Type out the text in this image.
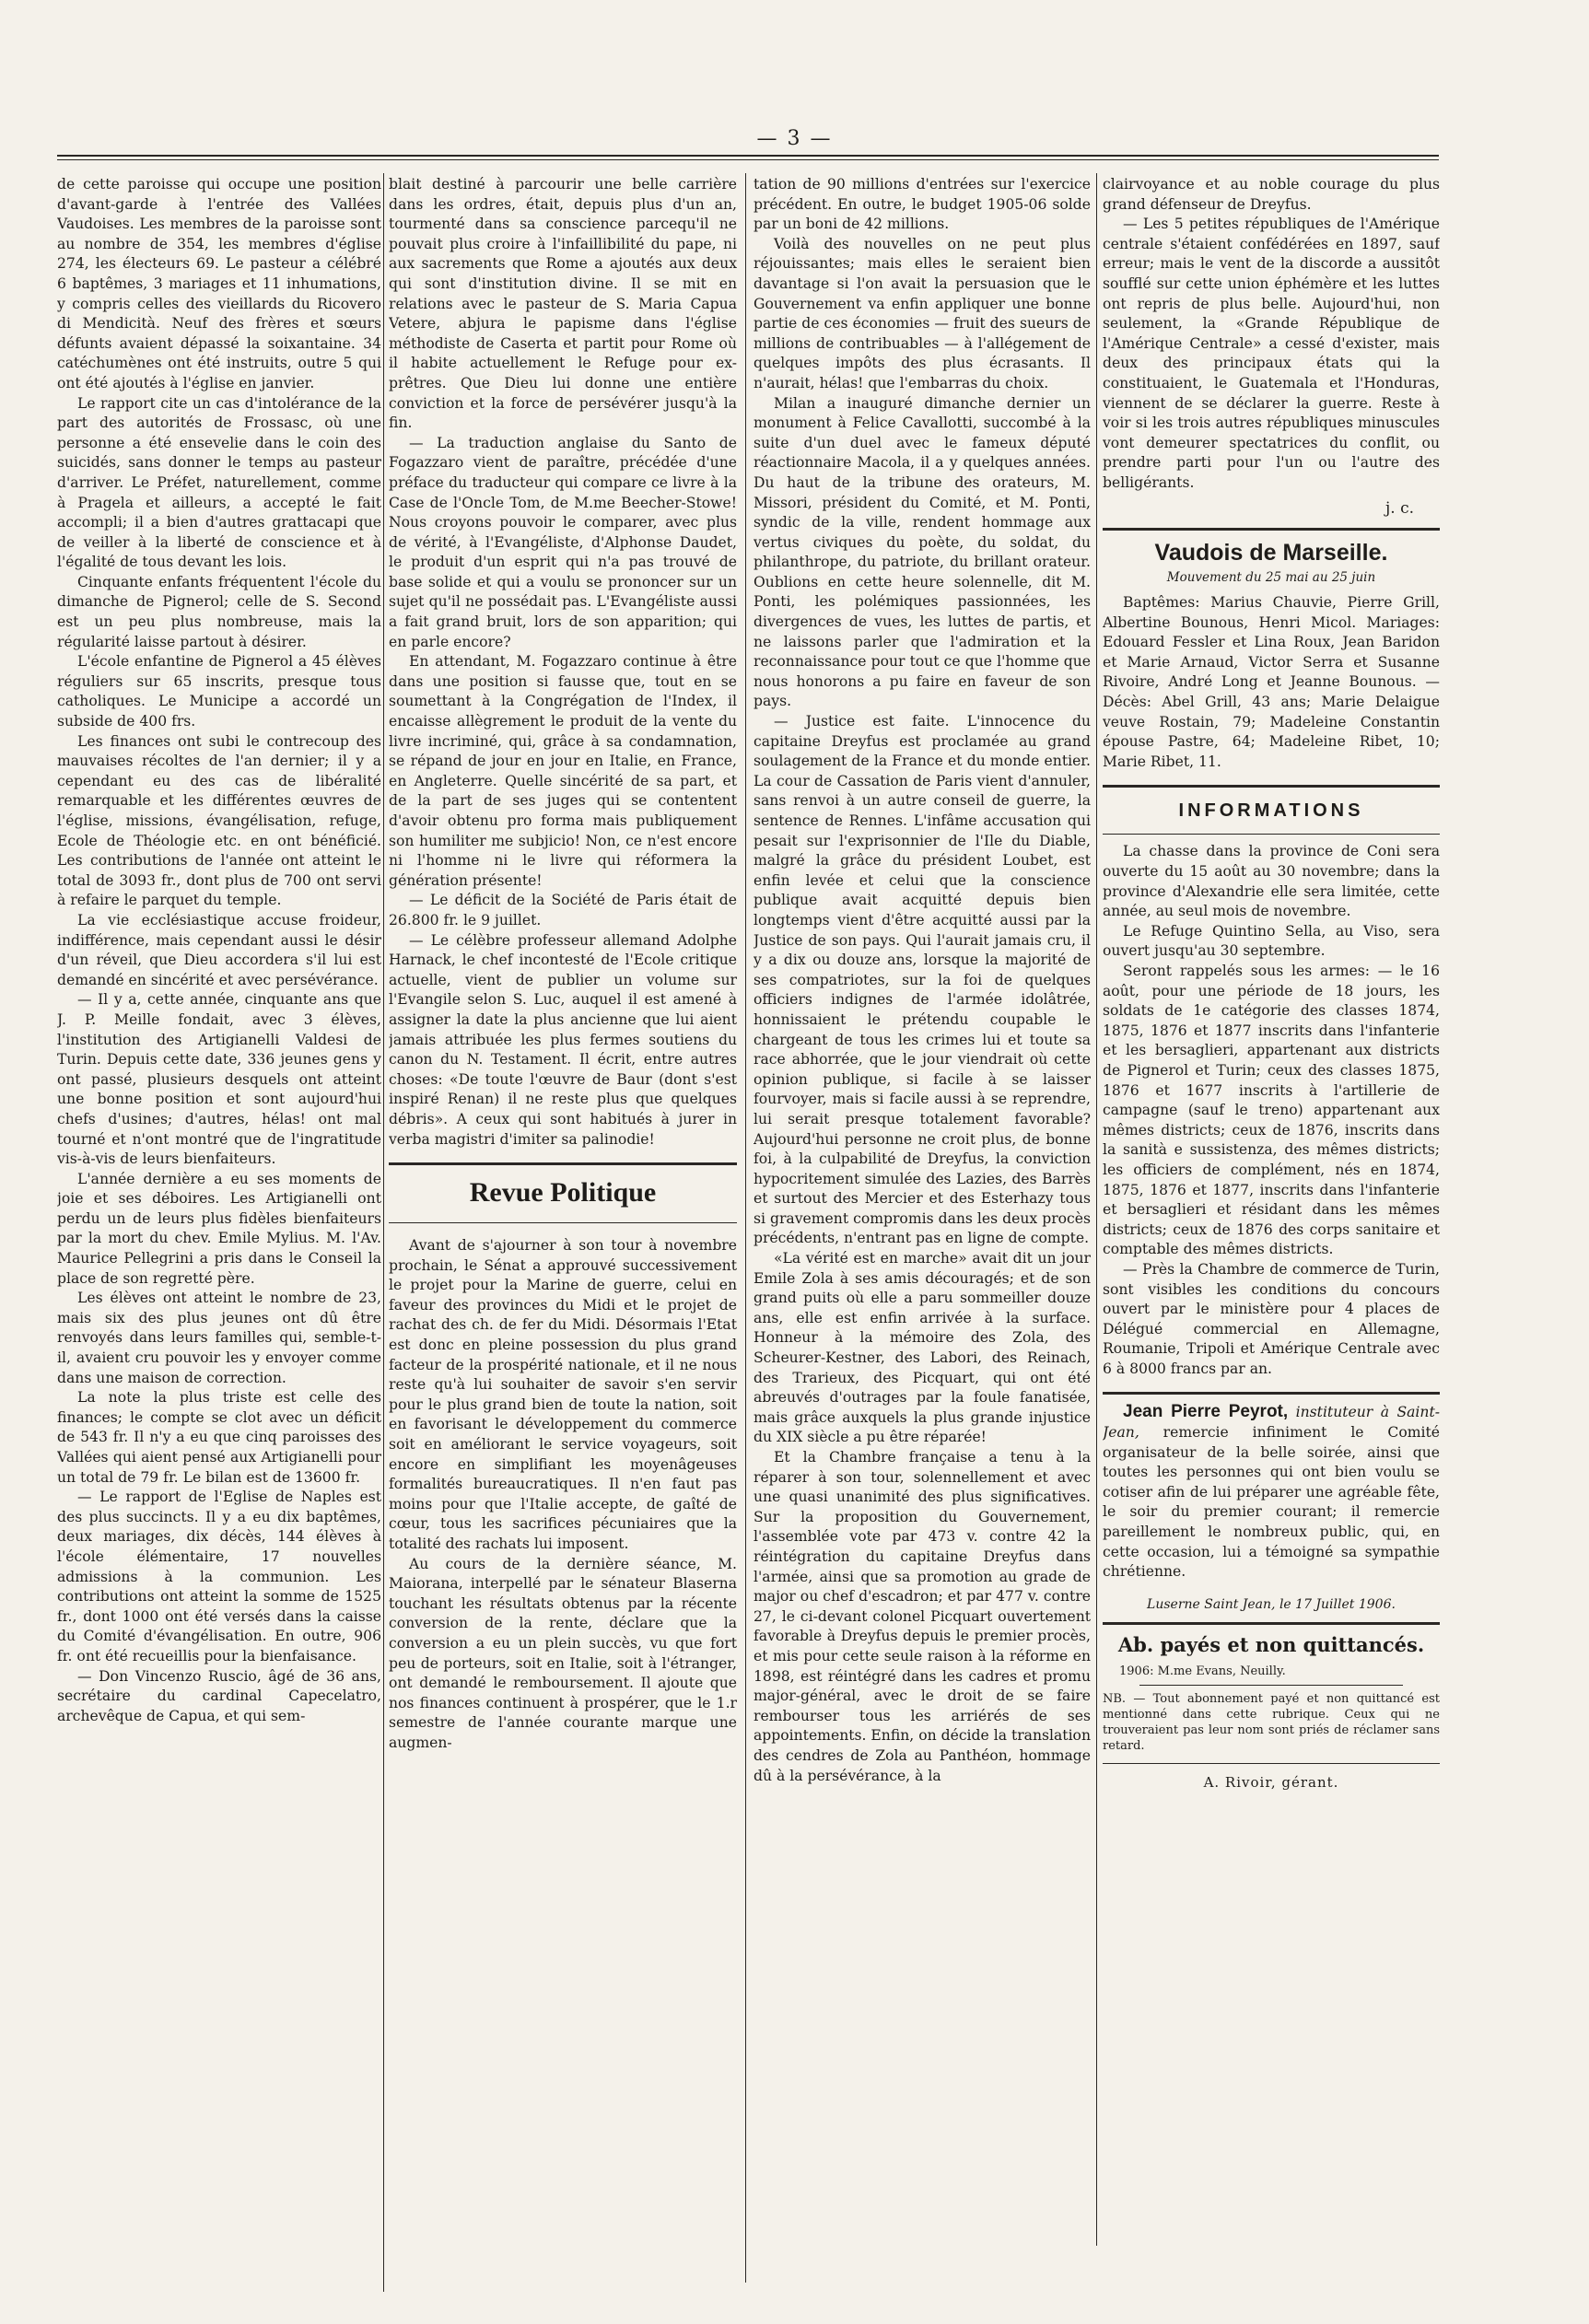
— 3 —

de cette paroisse qui occupe une position d'avant-garde à l'entrée des Vallées Vaudoises. Les membres de la paroisse sont au nombre de 354, les membres d'église 274, les électeurs 69. Le pasteur a célébré 6 baptêmes, 3 mariages et 11 inhumations, y compris celles des vieillards du Ricovero di Mendicità. Neuf des frères et sœurs défunts avaient dépassé la soixantaine. 34 catéchumènes ont été instruits, outre 5 qui ont été ajoutés à l'église en janvier.

Le rapport cite un cas d'intolérance de la part des autorités de Frossasc, où une personne a été ensevelie dans le coin des suicidés, sans donner le temps au pasteur d'arriver. Le Préfet, naturellement, comme à Pragela et ailleurs, a accepté le fait accompli; il a bien d'autres grattacapi que de veiller à la liberté de conscience et à l'égalité de tous devant les lois.

Cinquante enfants fréquentent l'école du dimanche de Pignerol; celle de S. Second est un peu plus nombreuse, mais la régularité laisse partout à désirer.

L'école enfantine de Pignerol a 45 élèves réguliers sur 65 inscrits, presque tous catholiques. Le Municipe a accordé un subside de 400 frs.

Les finances ont subi le contrecoup des mauvaises récoltes de l'an dernier; il y a cependant eu des cas de libéralité remarquable et les différentes œuvres de l'église, missions, évangélisation, refuge, Ecole de Théologie etc. en ont bénéficié. Les contributions de l'année ont atteint le total de 3093 fr., dont plus de 700 ont servi à refaire le parquet du temple.

La vie ecclésiastique accuse froideur, indifférence, mais cependant aussi le désir d'un réveil, que Dieu accordera s'il lui est demandé en sincérité et avec persévérance.

— Il y a, cette année, cinquante ans que J. P. Meille fondait, avec 3 élèves, l'institution des Artigianelli Valdesi de Turin. Depuis cette date, 336 jeunes gens y ont passé, plusieurs desquels ont atteint une bonne position et sont aujourd'hui chefs d'usines; d'autres, hélas! ont mal tourné et n'ont montré que de l'ingratitude vis-à-vis de leurs bienfaiteurs.

L'année dernière a eu ses moments de joie et ses déboires. Les Artigianelli ont perdu un de leurs plus fidèles bienfaiteurs par la mort du chev. Emile Mylius. M. l'Av. Maurice Pellegrini a pris dans le Conseil la place de son regretté père.

Les élèves ont atteint le nombre de 23, mais six des plus jeunes ont dû être renvoyés dans leurs familles qui, semble-t-il, avaient cru pouvoir les y envoyer comme dans une maison de correction.

La note la plus triste est celle des finances; le compte se clot avec un déficit de 543 fr. Il n'y a eu que cinq paroisses des Vallées qui aient pensé aux Artigianelli pour un total de 79 fr. Le bilan est de 13600 fr.

— Le rapport de l'Eglise de Naples est des plus succincts. Il y a eu dix baptêmes, deux mariages, dix décès, 144 élèves à l'école élémentaire, 17 nouvelles admissions à la communion. Les contributions ont atteint la somme de 1525 fr., dont 1000 ont été versés dans la caisse du Comité d'évangélisation. En outre, 906 fr. ont été recueillis pour la bienfaisance.

— Don Vincenzo Ruscio, âgé de 36 ans, secrétaire du cardinal Capecelatro, archevêque de Capua, et qui sem-

blait destiné à parcourir une belle carrière dans les ordres, était, depuis plus d'un an, tourmenté dans sa conscience parcequ'il ne pouvait plus croire à l'infaillibilité du pape, ni aux sacrements que Rome a ajoutés aux deux qui sont d'institution divine. Il se mit en relations avec le pasteur de S. Maria Capua Vetere, abjura le papisme dans l'église méthodiste de Caserta et partit pour Rome où il habite actuellement le Refuge pour ex-prêtres. Que Dieu lui donne une entière conviction et la force de persévérer jusqu'à la fin.

— La traduction anglaise du Santo de Fogazzaro vient de paraître, précédée d'une préface du traducteur qui compare ce livre à la Case de l'Oncle Tom, de M.me Beecher-Stowe! Nous croyons pouvoir le comparer, avec plus de vérité, à l'Evangéliste, d'Alphonse Daudet, le produit d'un esprit qui n'a pas trouvé de base solide et qui a voulu se prononcer sur un sujet qu'il ne possédait pas. L'Evangéliste aussi a fait grand bruit, lors de son apparition; qui en parle encore?

En attendant, M. Fogazzaro continue à être dans une position si fausse que, tout en se soumettant à la Congrégation de l'Index, il encaisse allègrement le produit de la vente du livre incriminé, qui, grâce à sa condamnation, se répand de jour en jour en Italie, en France, en Angleterre. Quelle sincérité de sa part, et de la part de ses juges qui se contentent d'avoir obtenu pro forma mais publiquement son humiliter me subjicio! Non, ce n'est encore ni l'homme ni le livre qui réformera la génération présente!

— Le déficit de la Société de Paris était de 26.800 fr. le 9 juillet.

— Le célèbre professeur allemand Adolphe Harnack, le chef incontesté de l'Ecole critique actuelle, vient de publier un volume sur l'Evangile selon S. Luc, auquel il est amené à assigner la date la plus ancienne que lui aient jamais attribuée les plus fermes soutiens du canon du N. Testament. Il écrit, entre autres choses: «De toute l'œuvre de Baur (dont s'est inspiré Renan) il ne reste plus que quelques débris». A ceux qui sont habitués à jurer in verba magistri d'imiter sa palinodie!

Revue Politique

Avant de s'ajourner à son tour à novembre prochain, le Sénat a approuvé successivement le projet pour la Marine de guerre, celui en faveur des provinces du Midi et le projet de rachat des ch. de fer du Midi. Désormais l'Etat est donc en pleine possession du plus grand facteur de la prospérité nationale, et il ne nous reste qu'à lui souhaiter de savoir s'en servir pour le plus grand bien de toute la nation, soit en favorisant le développement du commerce soit en améliorant le service voyageurs, soit encore en simplifiant les moyenâgeuses formalités bureaucratiques. Il n'en faut pas moins pour que l'Italie accepte, de gaîté de cœur, tous les sacrifices pécuniaires que la totalité des rachats lui imposent.

Au cours de la dernière séance, M. Maiorana, interpellé par le sénateur Blaserna touchant les résultats obtenus par la récente conversion de la rente, déclare que la conversion a eu un plein succès, vu que fort peu de porteurs, soit en Italie, soit à l'étranger, ont demandé le remboursement. Il ajoute que nos finances continuent à prospérer, que le 1.r semestre de l'année courante marque une augmen-

tation de 90 millions d'entrées sur l'exercice précédent. En outre, le budget 1905-06 solde par un boni de 42 millions.

Voilà des nouvelles on ne peut plus réjouissantes; mais elles le seraient bien davantage si l'on avait la persuasion que le Gouvernement va enfin appliquer une bonne partie de ces économies — fruit des sueurs de millions de contribuables — à l'allégement de quelques impôts des plus écrasants. Il n'aurait, hélas! que l'embarras du choix.

Milan a inauguré dimanche dernier un monument à Felice Cavallotti, succombé à la suite d'un duel avec le fameux député réactionnaire Macola, il a y quelques années. Du haut de la tribune des orateurs, M. Missori, président du Comité, et M. Ponti, syndic de la ville, rendent hommage aux vertus civiques du poète, du soldat, du philanthrope, du patriote, du brillant orateur. Oublions en cette heure solennelle, dit M. Ponti, les polémiques passionnées, les divergences de vues, les luttes de partis, et ne laissons parler que l'admiration et la reconnaissance pour tout ce que l'homme que nous honorons a pu faire en faveur de son pays.

— Justice est faite. L'innocence du capitaine Dreyfus est proclamée au grand soulagement de la France et du monde entier. La cour de Cassation de Paris vient d'annuler, sans renvoi à un autre conseil de guerre, la sentence de Rennes. L'infâme accusation qui pesait sur l'exprisonnier de l'Ile du Diable, malgré la grâce du président Loubet, est enfin levée et celui que la conscience publique avait acquitté depuis bien longtemps vient d'être acquitté aussi par la Justice de son pays. Qui l'aurait jamais cru, il y a dix ou douze ans, lorsque la majorité de ses compatriotes, sur la foi de quelques officiers indignes de l'armée idolâtrée, honnissaient le prétendu coupable le chargeant de tous les crimes lui et toute sa race abhorrée, que le jour viendrait où cette opinion publique, si facile à se laisser fourvoyer, mais si facile aussi à se reprendre, lui serait presque totalement favorable? Aujourd'hui personne ne croit plus, de bonne foi, à la culpabilité de Dreyfus, la conviction hypocritement simulée des Lazies, des Barrès et surtout des Mercier et des Esterhazy tous si gravement compromis dans les deux procès précédents, n'entrant pas en ligne de compte.

«La vérité est en marche» avait dit un jour Emile Zola à ses amis découragés; et de son grand puits où elle a paru sommeiller douze ans, elle est enfin arrivée à la surface. Honneur à la mémoire des Zola, des Scheurer-Kestner, des Labori, des Reinach, des Trarieux, des Picquart, qui ont été abreuvés d'outrages par la foule fanatisée, mais grâce auxquels la plus grande injustice du XIX siècle a pu être réparée!

Et la Chambre française a tenu à la réparer à son tour, solennellement et avec une quasi unanimité des plus significatives. Sur la proposition du Gouvernement, l'assemblée vote par 473 v. contre 42 la réintégration du capitaine Dreyfus dans l'armée, ainsi que sa promotion au grade de major ou chef d'escadron; et par 477 v. contre 27, le ci-devant colonel Picquart ouvertement favorable à Dreyfus depuis le premier procès, et mis pour cette seule raison à la réforme en 1898, est réintégré dans les cadres et promu major-général, avec le droit de se faire rembourser tous les arriérés de ses appointements. Enfin, on décide la translation des cendres de Zola au Panthéon, hommage dû à la persévérance, à la

clairvoyance et au noble courage du plus grand défenseur de Dreyfus.

— Les 5 petites républiques de l'Amérique centrale s'étaient confédérées en 1897, sauf erreur; mais le vent de la discorde a aussitôt soufflé sur cette union éphémère et les luttes ont repris de plus belle. Aujourd'hui, non seulement, la «Grande République de l'Amérique Centrale» a cessé d'exister, mais deux des principaux états qui la constituaient, le Guatemala et l'Honduras, viennent de se déclarer la guerre. Reste à voir si les trois autres républiques minuscules vont demeurer spectatrices du conflit, ou prendre parti pour l'un ou l'autre des belligérants.

j. c.
Vaudois de Marseille.
Mouvement du 25 mai au 25 juin

Baptêmes: Marius Chauvie, Pierre Grill, Albertine Bounous, Henri Micol. Mariages: Edouard Fessler et Lina Roux, Jean Baridon et Marie Arnaud, Victor Serra et Susanne Rivoire, André Long et Jeanne Bounous. — Décès: Abel Grill, 43 ans; Marie Delaigue veuve Rostain, 79; Madeleine Constantin épouse Pastre, 64; Madeleine Ribet, 10; Marie Ribet, 11.

INFORMATIONS

La chasse dans la province de Coni sera ouverte du 15 août au 30 novembre; dans la province d'Alexandrie elle sera limitée, cette année, au seul mois de novembre.

Le Refuge Quintino Sella, au Viso, sera ouvert jusqu'au 30 septembre.

Seront rappelés sous les armes: — le 16 août, pour une période de 18 jours, les soldats de 1e catégorie des classes 1874, 1875, 1876 et 1877 inscrits dans l'infanterie et les bersaglieri, appartenant aux districts de Pignerol et Turin; ceux des classes 1875, 1876 et 1677 inscrits à l'artillerie de campagne (sauf le treno) appartenant aux mêmes districts; ceux de 1876, inscrits dans la sanità e sussistenza, des mêmes districts; les officiers de complément, nés en 1874, 1875, 1876 et 1877, inscrits dans l'infanterie et bersaglieri et résidant dans les mêmes districts; ceux de 1876 des corps sanitaire et comptable des mêmes districts.

— Près la Chambre de commerce de Turin, sont visibles les conditions du concours ouvert par le ministère pour 4 places de Délégué commercial en Allemagne, Roumanie, Tripoli et Amérique Centrale avec 6 à 8000 francs par an.

Jean Pierre Peyrot, instituteur à Saint-Jean, remercie infiniment le Comité organisateur de la belle soirée, ainsi que toutes les personnes qui ont bien voulu se cotiser afin de lui préparer une agréable fête, le soir du premier courant; il remercie pareillement le nombreux public, qui, en cette occasion, lui a témoigné sa sympathie chrétienne.

Luserne Saint Jean, le 17 Juillet 1906.
Ab. payés et non quittancés.

1906: M.me Evans, Neuilly.

NB. — Tout abonnement payé et non quittancé est mentionné dans cette rubrique. Ceux qui ne trouveraient pas leur nom sont priés de réclamer sans retard.

A. Rivoir, gérant.
